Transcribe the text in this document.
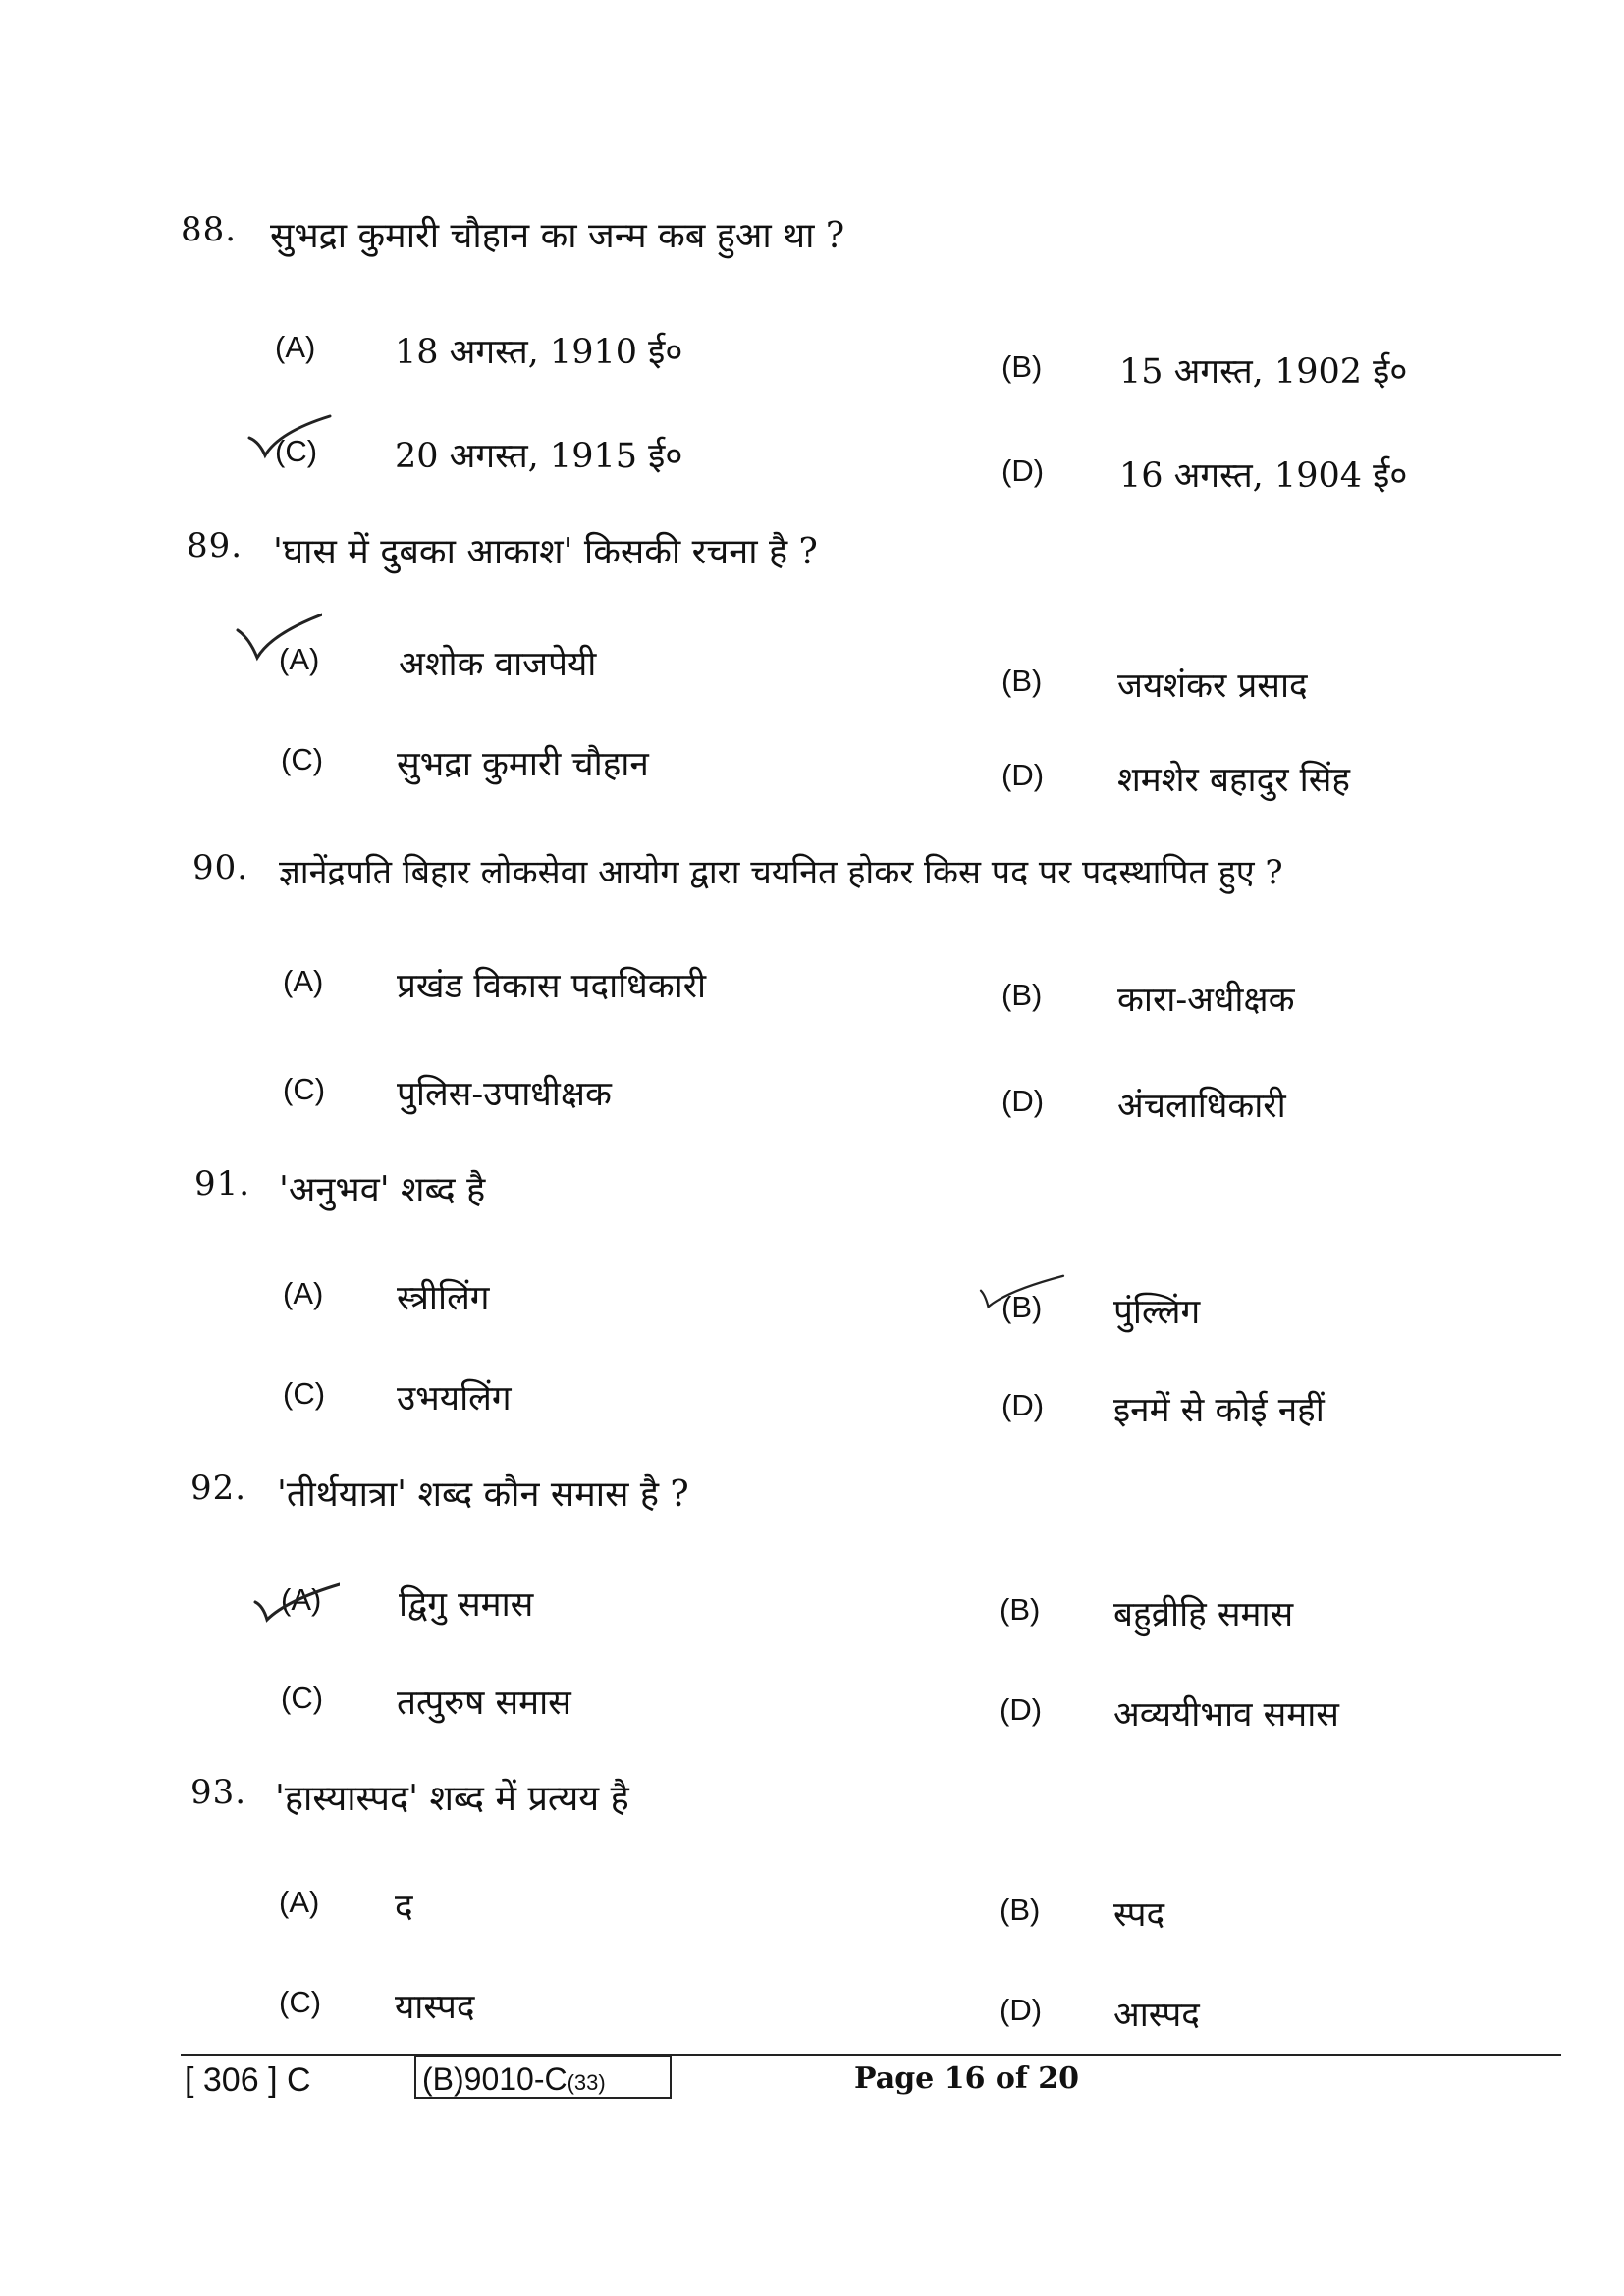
88. सुभद्रा कुमारी चौहान का जन्म कब हुआ था ?
(A) 18 अगस्त, 1910 ई०	(B) 15 अगस्त, 1902 ई०
(C) 20 अगस्त, 1915 ई०	(D) 16 अगस्त, 1904 ई०
89. 'घास में दुबका आकाश' किसकी रचना है ?
(A) अशोक वाजपेयी	(B) जयशंकर प्रसाद
(C) सुभद्रा कुमारी चौहान	(D) शमशेर बहादुर सिंह
90. ज्ञानेंद्रपति बिहार लोकसेवा आयोग द्वारा चयनित होकर किस पद पर पदस्थापित हुए ?
(A) प्रखंड विकास पदाधिकारी	(B) कारा-अधीक्षक
(C) पुलिस-उपाधीक्षक	(D) अंचलाधिकारी
91. 'अनुभव' शब्द है
(A) स्त्रीलिंग	(B) पुंल्लिंग
(C) उभयलिंग	(D) इनमें से कोई नहीं
92. 'तीर्थयात्रा' शब्द कौन समास है ?
(A) द्विगु समास	(B) बहुव्रीहि समास
(C) तत्पुरुष समास	(D) अव्ययीभाव समास
93. 'हास्यास्पद' शब्द में प्रत्यय है
(A) द	(B) स्पद
(C) यास्पद	(D) आस्पद
[ 306 ] C	(B)9010-C(33)	Page 16 of 20
